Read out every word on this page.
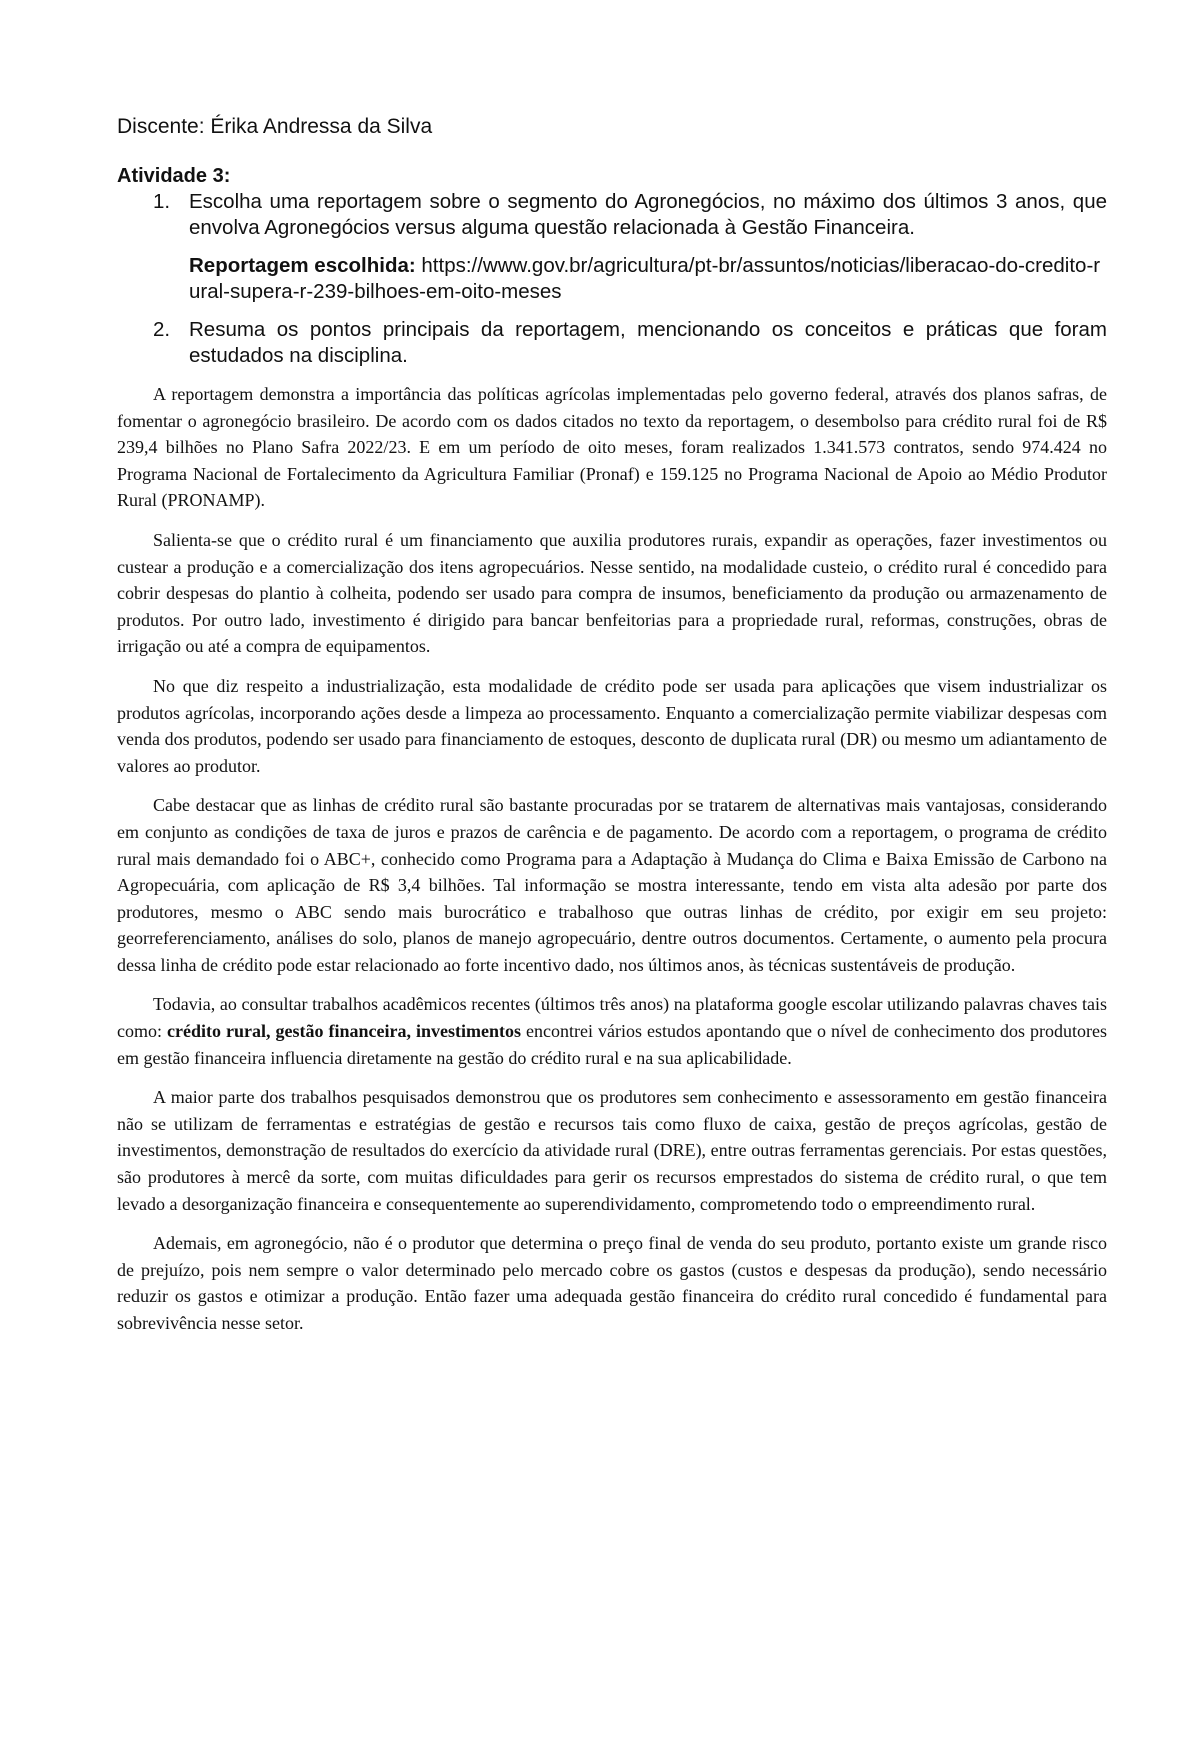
Discente: Érika Andressa da Silva

Atividade 3:

1. Escolha uma reportagem sobre o segmento do Agronegócios, no máximo dos últimos 3 anos, que envolva Agronegócios versus alguma questão relacionada à Gestão Financeira.

Reportagem escolhida: https://www.gov.br/agricultura/pt-br/assuntos/noticias/liberacao-do-credito-rural-supera-r-239-bilhoes-em-oito-meses

2. Resuma os pontos principais da reportagem, mencionando os conceitos e práticas que foram estudados na disciplina.

A reportagem demonstra a importância das políticas agrícolas implementadas pelo governo federal, através dos planos safras, de fomentar o agronegócio brasileiro. De acordo com os dados citados no texto da reportagem, o desembolso para crédito rural foi de R$ 239,4 bilhões no Plano Safra 2022/23. E em um período de oito meses, foram realizados 1.341.573 contratos, sendo 974.424 no Programa Nacional de Fortalecimento da Agricultura Familiar (Pronaf) e 159.125 no Programa Nacional de Apoio ao Médio Produtor Rural (PRONAMP).

Salienta-se que o crédito rural é um financiamento que auxilia produtores rurais, expandir as operações, fazer investimentos ou custear a produção e a comercialização dos itens agropecuários. Nesse sentido, na modalidade custeio, o crédito rural é concedido para cobrir despesas do plantio à colheita, podendo ser usado para compra de insumos, beneficiamento da produção ou armazenamento de produtos. Por outro lado, investimento é dirigido para bancar benfeitorias para a propriedade rural, reformas, construções, obras de irrigação ou até a compra de equipamentos.

No que diz respeito a industrialização, esta modalidade de crédito pode ser usada para aplicações que visem industrializar os produtos agrícolas, incorporando ações desde a limpeza ao processamento. Enquanto a comercialização permite viabilizar despesas com venda dos produtos, podendo ser usado para financiamento de estoques, desconto de duplicata rural (DR) ou mesmo um adiantamento de valores ao produtor.

Cabe destacar que as linhas de crédito rural são bastante procuradas por se tratarem de alternativas mais vantajosas, considerando em conjunto as condições de taxa de juros e prazos de carência e de pagamento. De acordo com a reportagem, o programa de crédito rural mais demandado foi o ABC+, conhecido como Programa para a Adaptação à Mudança do Clima e Baixa Emissão de Carbono na Agropecuária, com aplicação de R$ 3,4 bilhões. Tal informação se mostra interessante, tendo em vista alta adesão por parte dos produtores, mesmo o ABC sendo mais burocrático e trabalhoso que outras linhas de crédito, por exigir em seu projeto: georreferenciamento, análises do solo, planos de manejo agropecuário, dentre outros documentos. Certamente, o aumento pela procura dessa linha de crédito pode estar relacionado ao forte incentivo dado, nos últimos anos, às técnicas sustentáveis de produção.

Todavia, ao consultar trabalhos acadêmicos recentes (últimos três anos) na plataforma google escolar utilizando palavras chaves tais como: crédito rural, gestão financeira, investimentos encontrei vários estudos apontando que o nível de conhecimento dos produtores em gestão financeira influencia diretamente na gestão do crédito rural e na sua aplicabilidade.

A maior parte dos trabalhos pesquisados demonstrou que os produtores sem conhecimento e assessoramento em gestão financeira não se utilizam de ferramentas e estratégias de gestão e recursos tais como fluxo de caixa, gestão de preços agrícolas, gestão de investimentos, demonstração de resultados do exercício da atividade rural (DRE), entre outras ferramentas gerenciais. Por estas questões, são produtores à mercê da sorte, com muitas dificuldades para gerir os recursos emprestados do sistema de crédito rural, o que tem levado a desorganização financeira e consequentemente ao superendividamento, comprometendo todo o empreendimento rural.

Ademais, em agronegócio, não é o produtor que determina o preço final de venda do seu produto, portanto existe um grande risco de prejuízo, pois nem sempre o valor determinado pelo mercado cobre os gastos (custos e despesas da produção), sendo necessário reduzir os gastos e otimizar a produção. Então fazer uma adequada gestão financeira do crédito rural concedido é fundamental para sobrevivência nesse setor.
